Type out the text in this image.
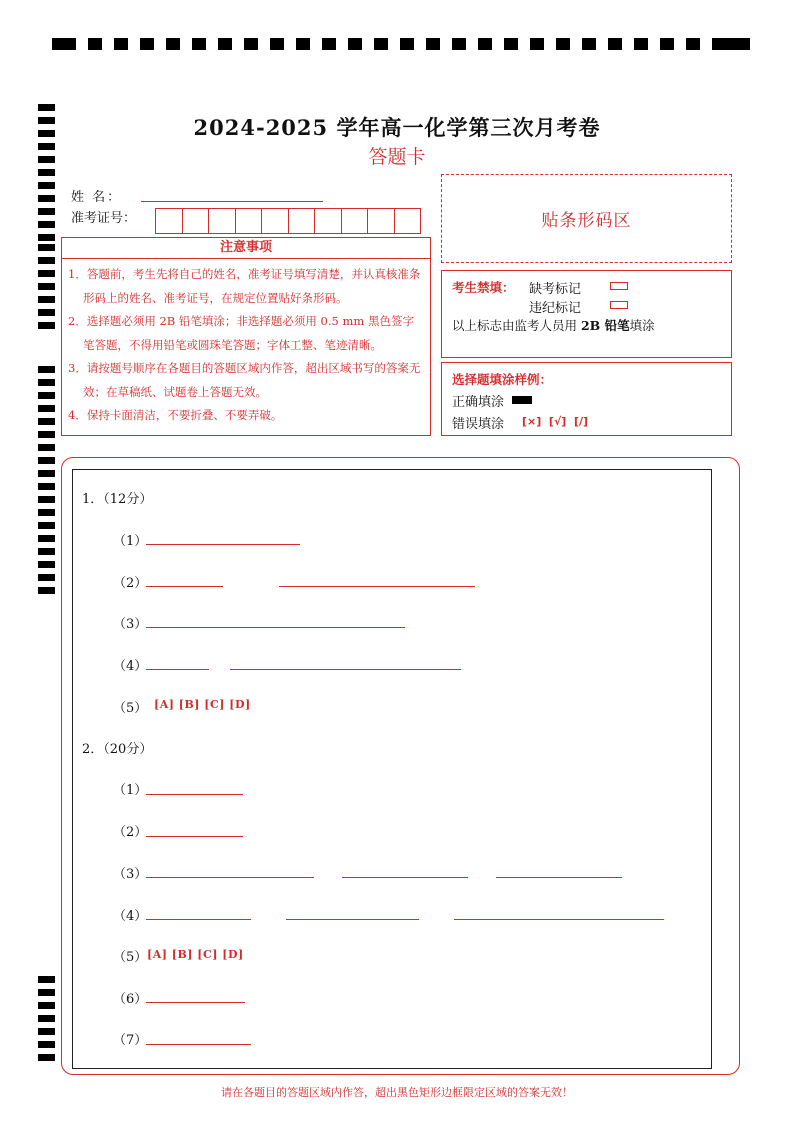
2024-2025 学年高一化学第三次月考卷
答题卡
姓 名：
准考证号：	贴条形码区
注意事项

1．答题前，考生先将自己的姓名，准考证号填写清楚，并认真核准条形码上的姓名、准考证号，在规定位置贴好条形码。

2．选择题必须用 2B 铅笔填涂；非选择题必须用 0.5 mm 黑色签字笔答题，不得用铅笔或圆珠笔答题；字体工整、笔迹清晰。

3．请按题号顺序在各题目的答题区域内作答，超出区域书写的答案无效；在草稿纸、试题卷上答题无效。

4．保持卡面清洁，不要折叠、不要弄破。

考生禁填： 缺考标记
违纪标记
以上标志由监考人员用 2B 铅笔填涂
选择题填涂样例：
正确填涂
错误填涂 [×]  [√]  [/]
1．（12分）
（1）
（2）
（3）
（4）
（5） [A] [B] [C] [D]
2．（20分）
（1）
（2）
（3）
（4）
（5） [A] [B] [C] [D]
（6）
（7）
请在各题目的答题区域内作答，超出黑色矩形边框限定区域的答案无效！
